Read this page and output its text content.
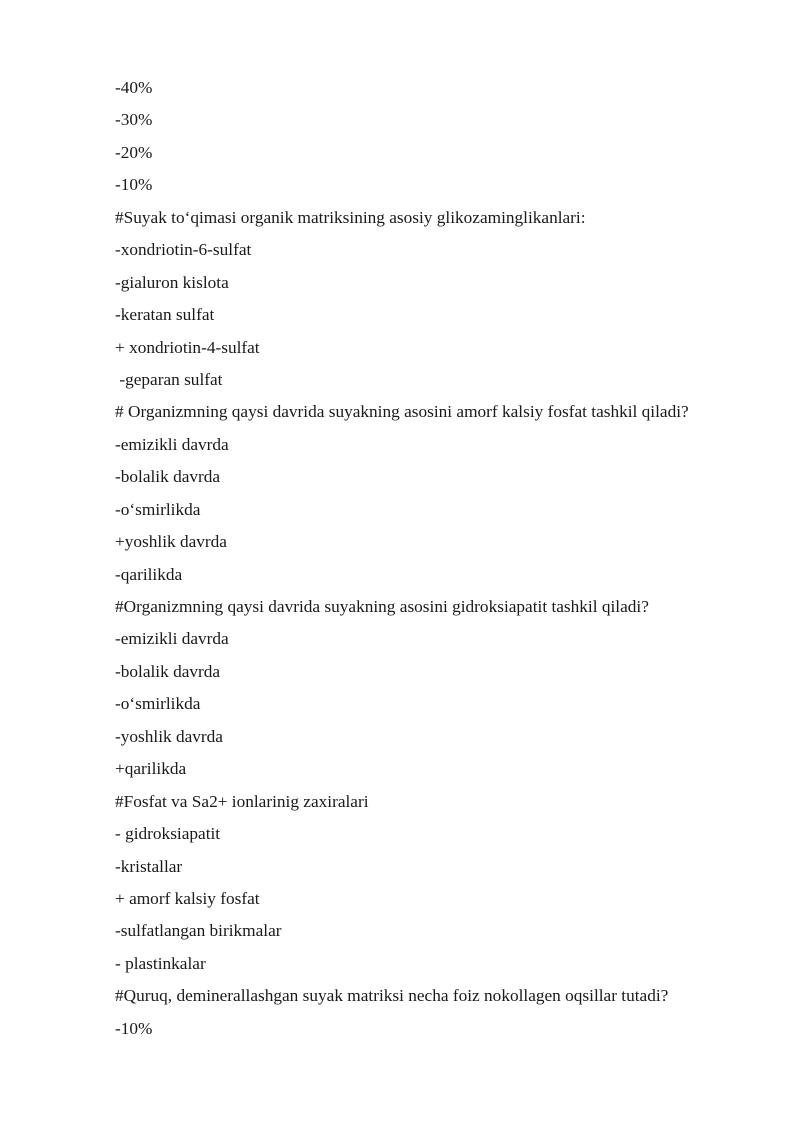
-40%
-30%
-20%
-10%
#Suyak to‘qimasi organik matriksining asosiy glikozaminglikanlari:
-xondriotin-6-sulfat
-gialuron kislota
-keratan sulfat
+ xondriotin-4-sulfat
-geparan sulfat
# Organizmning qaysi davrida suyakning asosini amorf kalsiy fosfat tashkil qiladi?
-emizikli davrda
-bolalik davrda
-o‘smirlikda
+yoshlik davrda
-qarilikda
#Organizmning qaysi davrida suyakning asosini gidroksiapatit tashkil qiladi?
-emizikli davrda
-bolalik davrda
-o‘smirlikda
-yoshlik davrda
+qarilikda
#Fosfat va Sa2+ ionlarinig zaxiralari
- gidroksiapatit
-kristallar
+ amorf kalsiy fosfat
-sulfatlangan birikmalar
- plastinkalar
#Quruq, deminerallashgan suyak matriksi necha foiz nokollagen oqsillar tutadi?
-10%
